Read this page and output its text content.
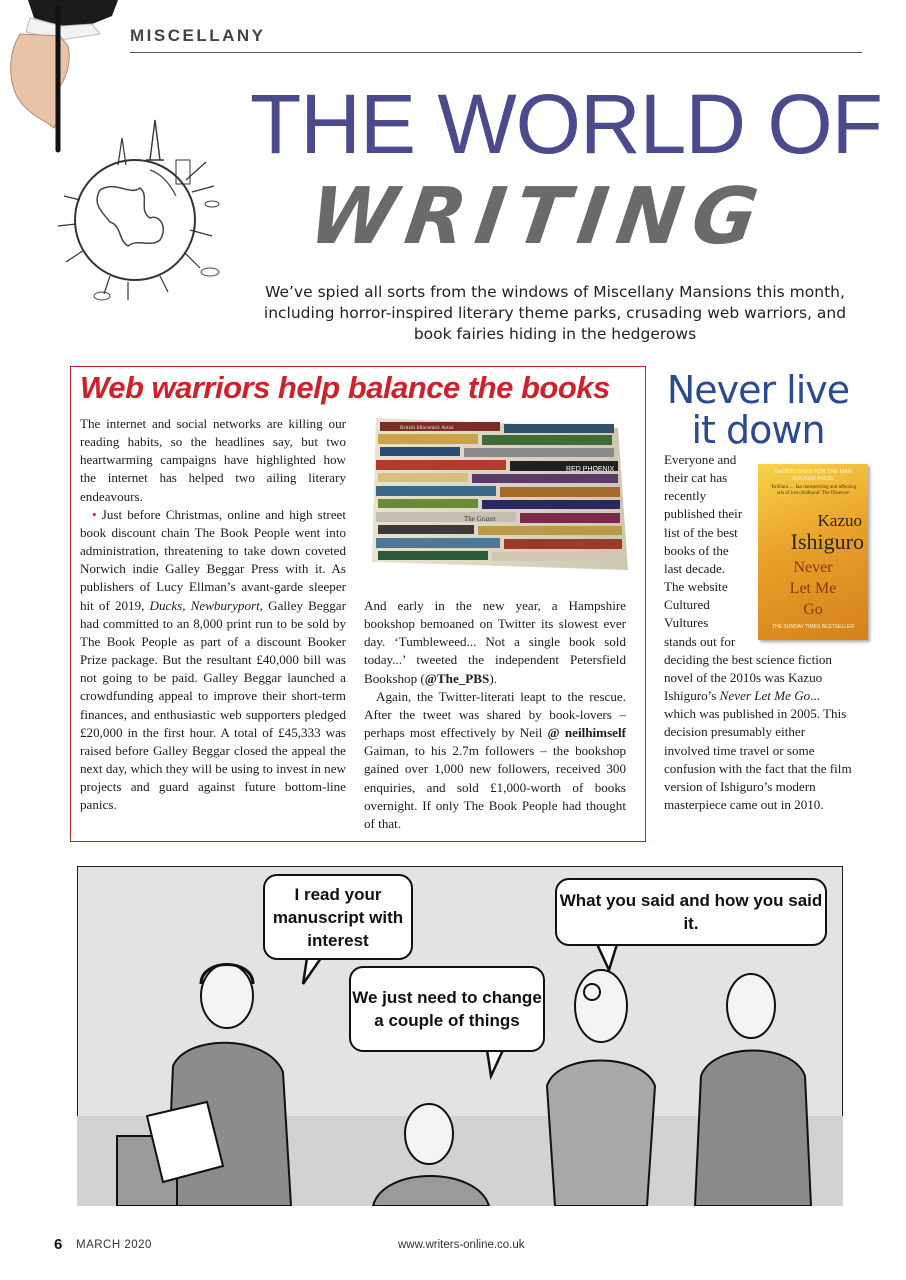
MISCELLANY
THE WORLD OF
WRITING
We’ve spied all sorts from the windows of Miscellany Mansions this month, including horror-inspired literary theme parks, crusading web warriors, and book fairies hiding in the hedgerows
Web warriors help balance the books

The internet and social networks are killing our reading habits, so the headlines say, but two heartwarming campaigns have highlighted how the internet has helped two ailing literary endeavours.

• Just before Christmas, online and high street book discount chain The Book People went into administration, threatening to take down coveted Norwich indie Galley Beggar Press with it. As publishers of Lucy Ellman’s avant-garde sleeper hit of 2019, Ducks, Newburyport, Galley Beggar had committed to an 8,000 print run to be sold by The Book People as part of a discount Booker Prize package. But the resultant £40,000 bill was not going to be paid. Galley Beggar launched a crowdfunding appeal to improve their short-term finances, and enthusiastic web supporters pledged £20,000 in the first hour. A total of £45,333 was raised before Galley Beggar closed the appeal the next day, which they will be using to invest in new projects and guard against future bottom-line panics.

RED PHOENIX
The Grazer
British Idiocentric Artist

And early in the new year, a Hampshire bookshop bemoaned on Twitter its slowest ever day. ‘Tumbleweed... Not a single book sold today...’ tweeted the independent Petersfield Bookshop (@The_PBS).

Again, the Twitter-literati leapt to the rescue. After the tweet was shared by book-lovers – perhaps most effectively by Neil @ neilhimself Gaiman, to his 2.7m followers – the bookshop gained over 1,000 new followers, received 300 enquiries, and sold £1,000-worth of books overnight. If only The Book People had thought of that.

Never live it down

Everyone and their cat has recently published their list of the best books of the last decade. The website Cultured Vultures stands out for deciding the best science fiction novel of the 2010s was Kazuo Ishiguro’s Never Let Me Go... which was published in 2005. This decision presumably either involved time travel or some confusion with the fact that the film version of Ishiguro’s modern masterpiece came out in 2010.

SHORTLISTED FOR THE MAN BOOKER PRIZE
‘Brilliant … Ian mesmerising and affecting tale of lost childhood’ The Observer
Kazuo
Ishiguro
Never
Let Me
Go
THE SUNDAY TIMES BESTSELLER
I read your manuscript with interest
We just need to change a couple of things
What you said and how you said it.
6 MARCH 2020	www.writers-online.co.uk
